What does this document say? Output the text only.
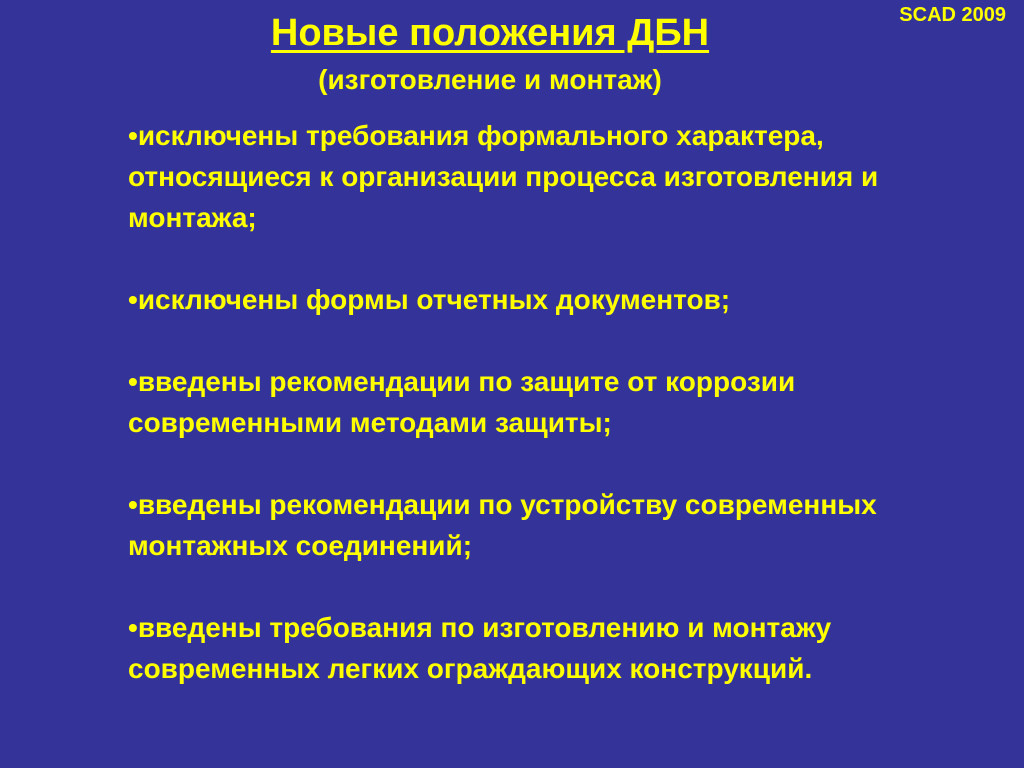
SCAD 2009
Новые положения ДБН
(изготовление и монтаж)
• исключены требования формального характера, относящиеся к организации процесса изготовления и монтажа;
• исключены формы отчетных документов;
• введены рекомендации по защите от коррозии современными методами защиты;
• введены рекомендации по устройству современных монтажных соединений;
• введены требования по изготовлению и монтажу современных легких ограждающих конструкций.
